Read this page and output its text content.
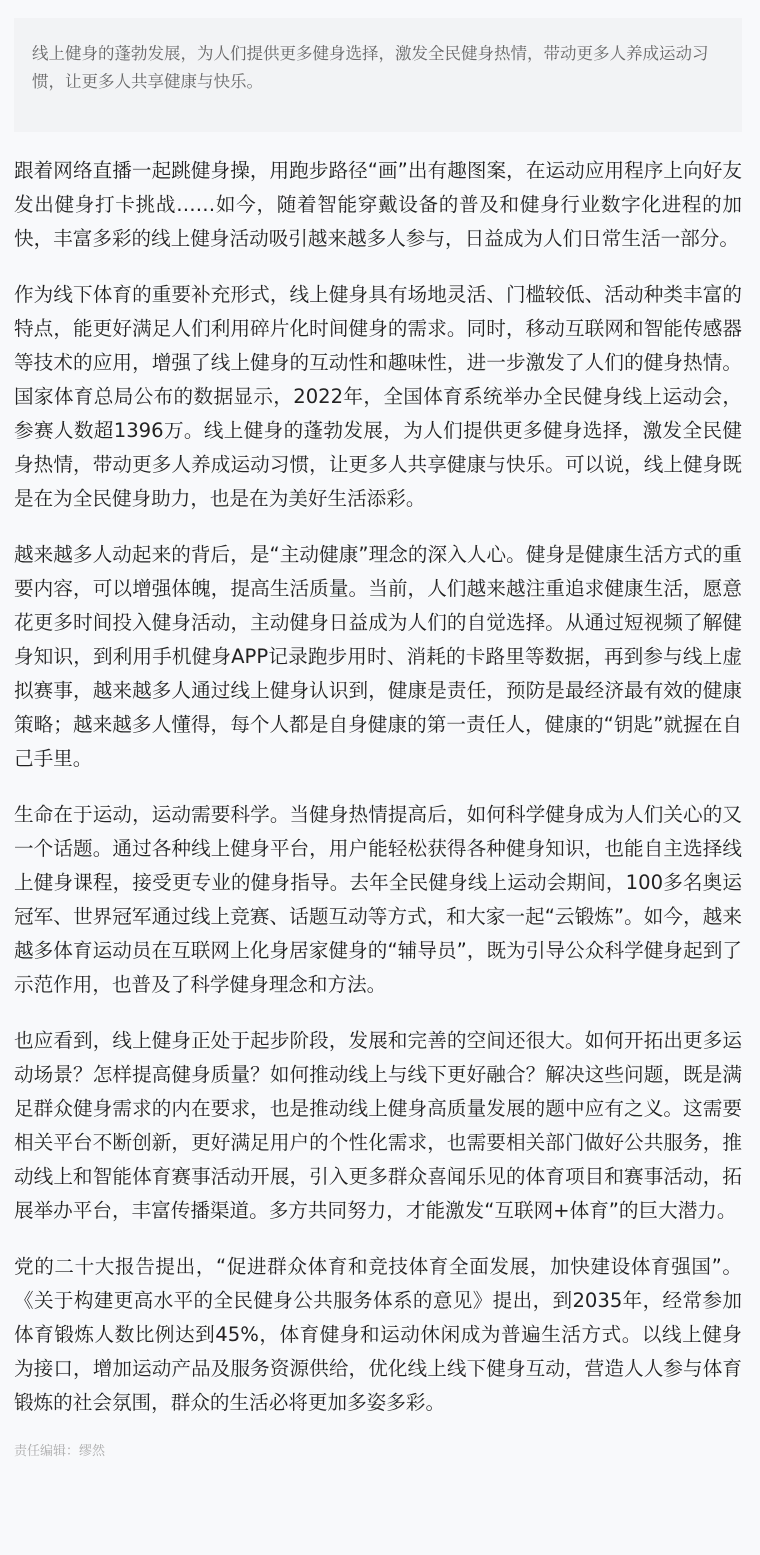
线上健身的蓬勃发展，为人们提供更多健身选择，激发全民健身热情，带动更多人养成运动习惯，让更多人共享健康与快乐。

跟着网络直播一起跳健身操，用跑步路径“画”出有趣图案，在运动应用程序上向好友发出健身打卡挑战……如今，随着智能穿戴设备的普及和健身行业数字化进程的加快，丰富多彩的线上健身活动吸引越来越多人参与，日益成为人们日常生活一部分。

作为线下体育的重要补充形式，线上健身具有场地灵活、门槛较低、活动种类丰富的特点，能更好满足人们利用碎片化时间健身的需求。同时，移动互联网和智能传感器等技术的应用，增强了线上健身的互动性和趣味性，进一步激发了人们的健身热情。国家体育总局公布的数据显示，2022年，全国体育系统举办全民健身线上运动会，参赛人数超1396万。线上健身的蓬勃发展，为人们提供更多健身选择，激发全民健身热情，带动更多人养成运动习惯，让更多人共享健康与快乐。可以说，线上健身既是在为全民健身助力，也是在为美好生活添彩。

越来越多人动起来的背后，是“主动健康”理念的深入人心。健身是健康生活方式的重要内容，可以增强体魄，提高生活质量。当前，人们越来越注重追求健康生活，愿意花更多时间投入健身活动，主动健身日益成为人们的自觉选择。从通过短视频了解健身知识，到利用手机健身APP记录跑步用时、消耗的卡路里等数据，再到参与线上虚拟赛事，越来越多人通过线上健身认识到，健康是责任，预防是最经济最有效的健康策略；越来越多人懂得，每个人都是自身健康的第一责任人，健康的“钥匙”就握在自己手里。

生命在于运动，运动需要科学。当健身热情提高后，如何科学健身成为人们关心的又一个话题。通过各种线上健身平台，用户能轻松获得各种健身知识，也能自主选择线上健身课程，接受更专业的健身指导。去年全民健身线上运动会期间，100多名奥运冠军、世界冠军通过线上竞赛、话题互动等方式，和大家一起“云锻炼”。如今，越来越多体育运动员在互联网上化身居家健身的“辅导员”，既为引导公众科学健身起到了示范作用，也普及了科学健身理念和方法。

也应看到，线上健身正处于起步阶段，发展和完善的空间还很大。如何开拓出更多运动场景？怎样提高健身质量？如何推动线上与线下更好融合？解决这些问题，既是满足群众健身需求的内在要求，也是推动线上健身高质量发展的题中应有之义。这需要相关平台不断创新，更好满足用户的个性化需求，也需要相关部门做好公共服务，推动线上和智能体育赛事活动开展，引入更多群众喜闻乐见的体育项目和赛事活动，拓展举办平台，丰富传播渠道。多方共同努力，才能激发“互联网+体育”的巨大潜力。

党的二十大报告提出，“促进群众体育和竞技体育全面发展，加快建设体育强国”。《关于构建更高水平的全民健身公共服务体系的意见》提出，到2035年，经常参加体育锻炼人数比例达到45%，体育健身和运动休闲成为普遍生活方式。以线上健身为接口，增加运动产品及服务资源供给，优化线上线下健身互动，营造人人参与体育锻炼的社会氛围，群众的生活必将更加多姿多彩。

责任编辑：缪然
